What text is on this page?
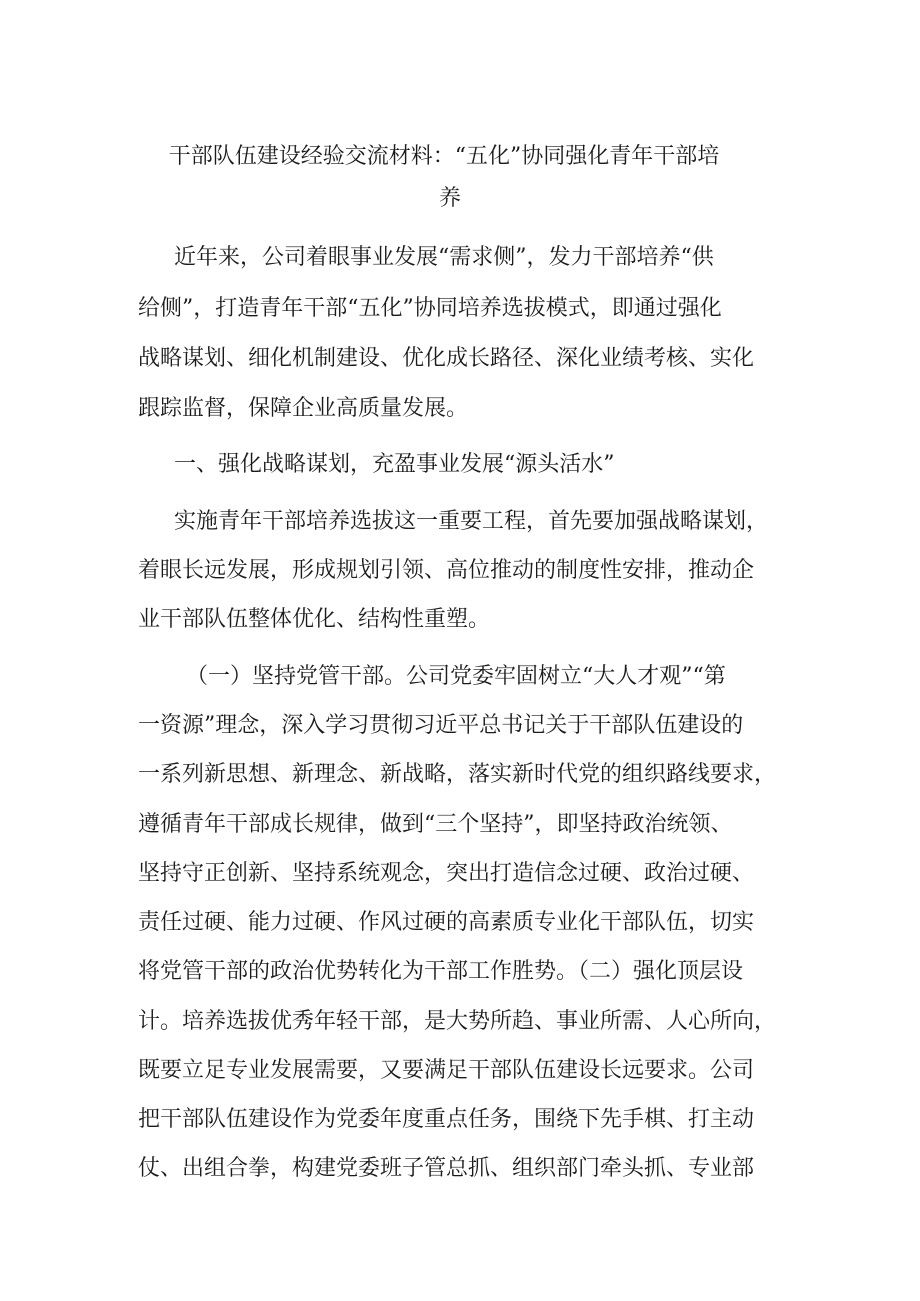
干部队伍建设经验交流材料：“五化”协同强化青年干部培
养

近年来，公司着眼事业发展“需求侧”，发力干部培养“供

给侧”，打造青年干部“五化”协同培养选拔模式，即通过强化

战略谋划、细化机制建设、优化成长路径、深化业绩考核、实化

跟踪监督，保障企业高质量发展。

一、强化战略谋划，充盈事业发展“源头活水”

实施青年干部培养选拔这一重要工程，首先要加强战略谋划，

着眼长远发展，形成规划引领、高位推动的制度性安排，推动企

业干部队伍整体优化、结构性重塑。

（一）坚持党管干部。公司党委牢固树立“大人才观”“第

一资源”理念，深入学习贯彻习近平总书记关于干部队伍建设的

一系列新思想、新理念、新战略，落实新时代党的组织路线要求，

遵循青年干部成长规律，做到“三个坚持”，即坚持政治统领、

坚持守正创新、坚持系统观念，突出打造信念过硬、政治过硬、

责任过硬、能力过硬、作风过硬的高素质专业化干部队伍，切实

将党管干部的政治优势转化为干部工作胜势。（二）强化顶层设

计。培养选拔优秀年轻干部，是大势所趋、事业所需、人心所向，

既要立足专业发展需要，又要满足干部队伍建设长远要求。公司

把干部队伍建设作为党委年度重点任务，围绕下先手棋、打主动

仗、出组合拳，构建党委班子管总抓、组织部门牵头抓、专业部
